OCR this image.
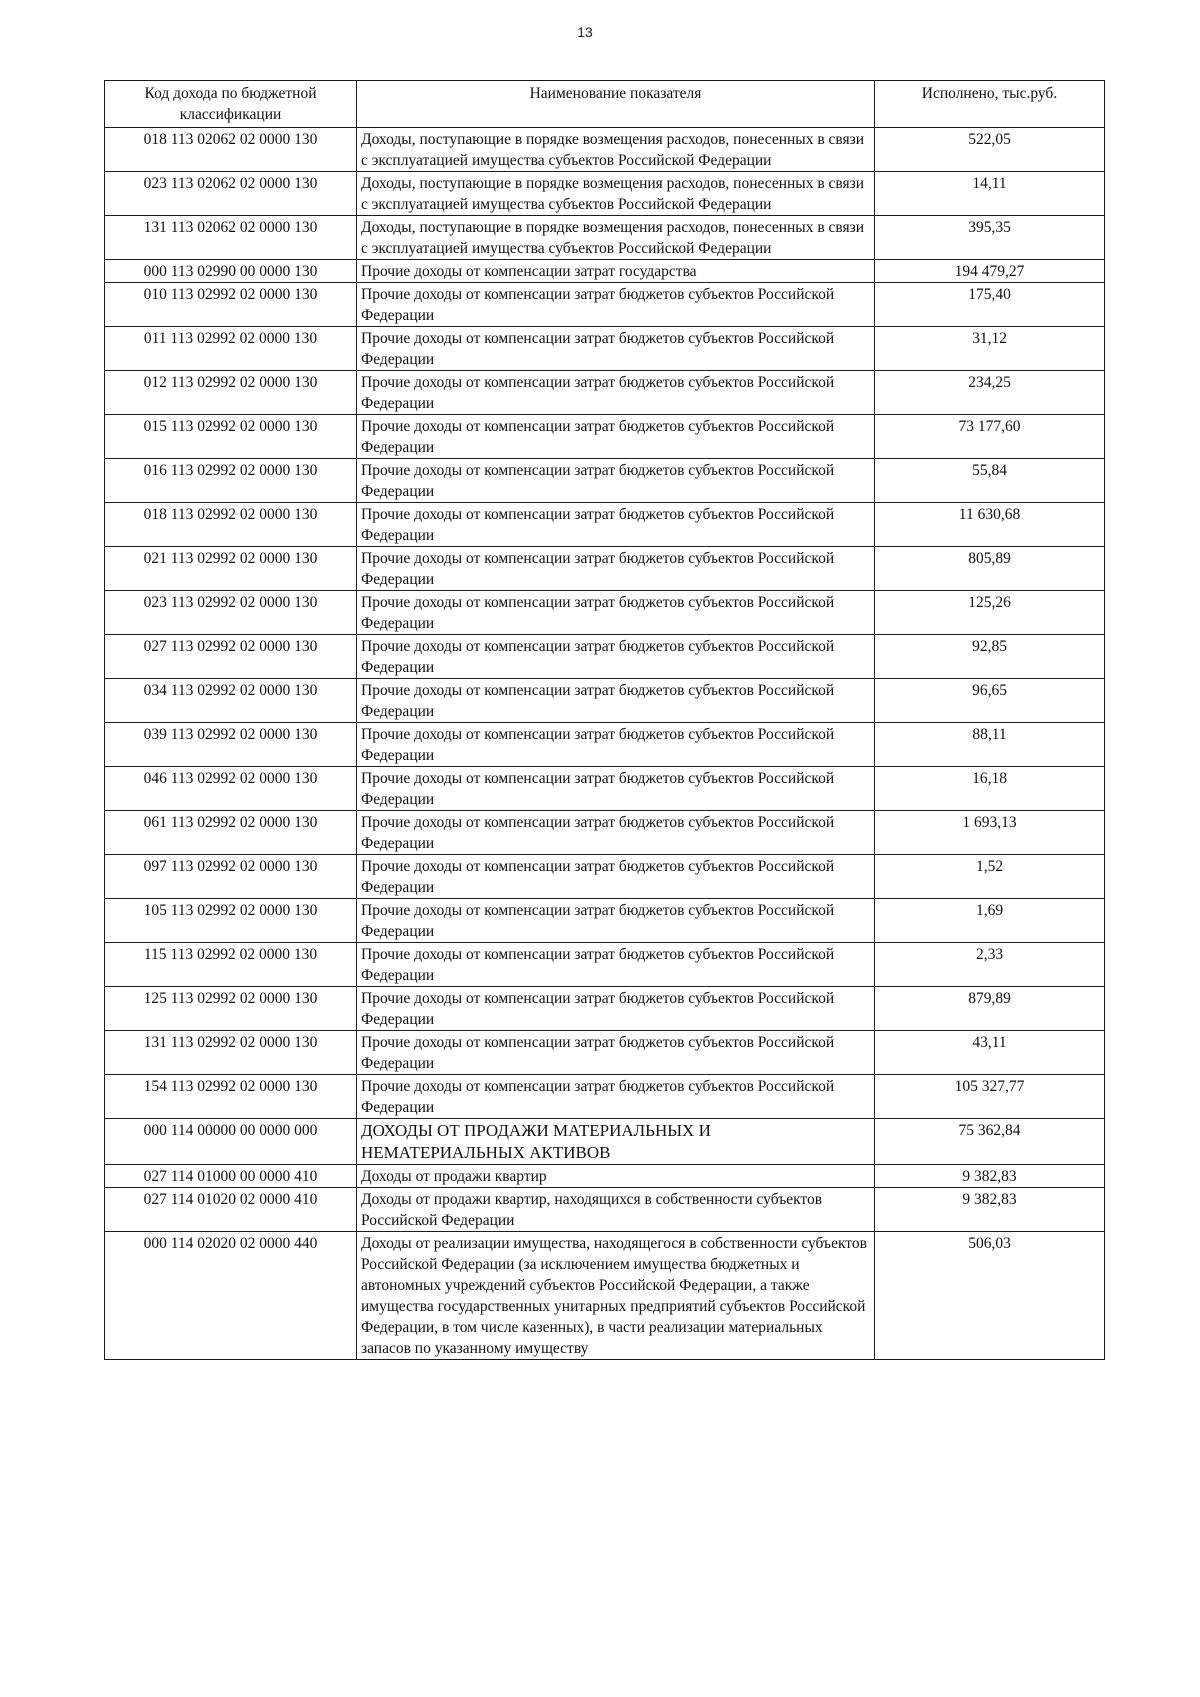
13
Код дохода по бюджетной классификации	Наименование показателя	Исполнено, тыс.руб.
018 113 02062 02 0000 130	Доходы, поступающие в порядке возмещения расходов, понесенных в связи с эксплуатацией имущества субъектов Российской Федерации	522,05
023 113 02062 02 0000 130	Доходы, поступающие в порядке возмещения расходов, понесенных в связи с эксплуатацией имущества субъектов Российской Федерации	14,11
131 113 02062 02 0000 130	Доходы, поступающие в порядке возмещения расходов, понесенных в связи с эксплуатацией имущества субъектов Российской Федерации	395,35
000 113 02990 00 0000 130	Прочие доходы от компенсации затрат государства	194 479,27
010 113 02992 02 0000 130	Прочие доходы от компенсации затрат бюджетов субъектов Российской Федерации	175,40
011 113 02992 02 0000 130	Прочие доходы от компенсации затрат бюджетов субъектов Российской Федерации	31,12
012 113 02992 02 0000 130	Прочие доходы от компенсации затрат бюджетов субъектов Российской Федерации	234,25
015 113 02992 02 0000 130	Прочие доходы от компенсации затрат бюджетов субъектов Российской Федерации	73 177,60
016 113 02992 02 0000 130	Прочие доходы от компенсации затрат бюджетов субъектов Российской Федерации	55,84
018 113 02992 02 0000 130	Прочие доходы от компенсации затрат бюджетов субъектов Российской Федерации	11 630,68
021 113 02992 02 0000 130	Прочие доходы от компенсации затрат бюджетов субъектов Российской Федерации	805,89
023 113 02992 02 0000 130	Прочие доходы от компенсации затрат бюджетов субъектов Российской Федерации	125,26
027 113 02992 02 0000 130	Прочие доходы от компенсации затрат бюджетов субъектов Российской Федерации	92,85
034 113 02992 02 0000 130	Прочие доходы от компенсации затрат бюджетов субъектов Российской Федерации	96,65
039 113 02992 02 0000 130	Прочие доходы от компенсации затрат бюджетов субъектов Российской Федерации	88,11
046 113 02992 02 0000 130	Прочие доходы от компенсации затрат бюджетов субъектов Российской Федерации	16,18
061 113 02992 02 0000 130	Прочие доходы от компенсации затрат бюджетов субъектов Российской Федерации	1 693,13
097 113 02992 02 0000 130	Прочие доходы от компенсации затрат бюджетов субъектов Российской Федерации	1,52
105 113 02992 02 0000 130	Прочие доходы от компенсации затрат бюджетов субъектов Российской Федерации	1,69
115 113 02992 02 0000 130	Прочие доходы от компенсации затрат бюджетов субъектов Российской Федерации	2,33
125 113 02992 02 0000 130	Прочие доходы от компенсации затрат бюджетов субъектов Российской Федерации	879,89
131 113 02992 02 0000 130	Прочие доходы от компенсации затрат бюджетов субъектов Российской Федерации	43,11
154 113 02992 02 0000 130	Прочие доходы от компенсации затрат бюджетов субъектов Российской Федерации	105 327,77
000 114 00000 00 0000 000	ДОХОДЫ ОТ ПРОДАЖИ МАТЕРИАЛЬНЫХ И НЕМАТЕРИАЛЬНЫХ АКТИВОВ	75 362,84
027 114 01000 00 0000 410	Доходы от продажи квартир	9 382,83
027 114 01020 02 0000 410	Доходы от продажи квартир, находящихся в собственности субъектов Российской Федерации	9 382,83
000 114 02020 02 0000 440	Доходы от реализации имущества, находящегося в собственности субъектов Российской Федерации (за исключением имущества бюджетных и автономных учреждений субъектов Российской Федерации, а также имущества государственных унитарных предприятий субъектов Российской Федерации, в том числе казенных), в части реализации материальных запасов по указанному имуществу	506,03
